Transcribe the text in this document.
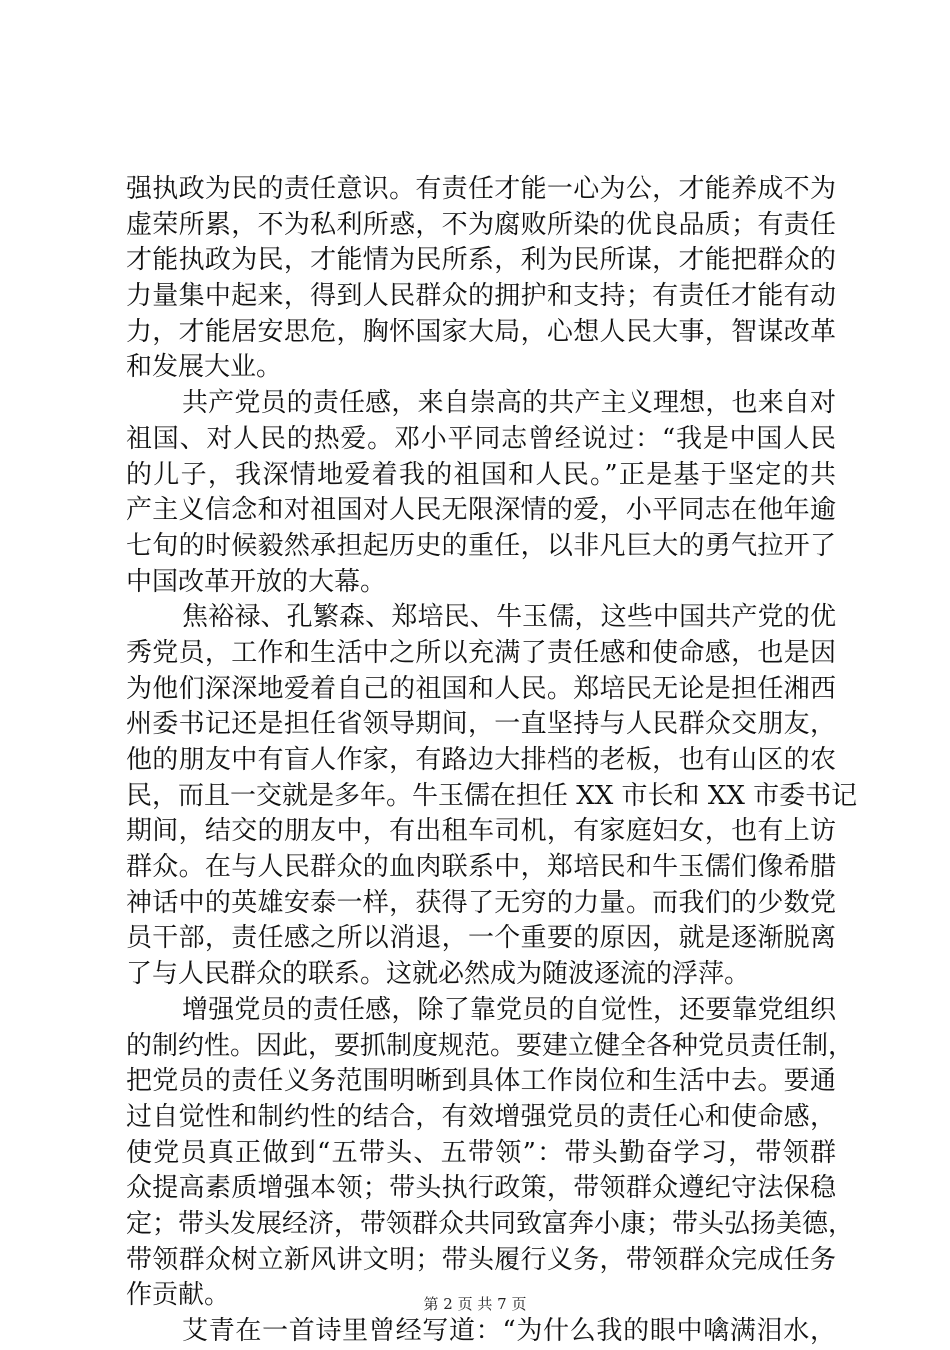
强执政为民的责任意识。有责任才能一心为公，才能养成不为
虚荣所累，不为私利所惑，不为腐败所染的优良品质；有责任
才能执政为民，才能情为民所系，利为民所谋，才能把群众的
力量集中起来，得到人民群众的拥护和支持；有责任才能有动
力，才能居安思危，胸怀国家大局，心想人民大事，智谋改革
和发展大业。
共产党员的责任感，来自崇高的共产主义理想，也来自对
祖国、对人民的热爱。邓小平同志曾经说过：“我是中国人民
的儿子，我深情地爱着我的祖国和人民。”正是基于坚定的共
产主义信念和对祖国对人民无限深情的爱，小平同志在他年逾
七旬的时候毅然承担起历史的重任，以非凡巨大的勇气拉开了
中国改革开放的大幕。
焦裕禄、孔繁森、郑培民、牛玉儒，这些中国共产党的优
秀党员，工作和生活中之所以充满了责任感和使命感，也是因
为他们深深地爱着自己的祖国和人民。郑培民无论是担任湘西
州委书记还是担任省领导期间，一直坚持与人民群众交朋友，
他的朋友中有盲人作家，有路边大排档的老板，也有山区的农
民，而且一交就是多年。牛玉儒在担任 XX 市长和 XX 市委书记
期间，结交的朋友中，有出租车司机，有家庭妇女，也有上访
群众。在与人民群众的血肉联系中，郑培民和牛玉儒们像希腊
神话中的英雄安泰一样，获得了无穷的力量。而我们的少数党
员干部，责任感之所以消退，一个重要的原因，就是逐渐脱离
了与人民群众的联系。这就必然成为随波逐流的浮萍。
增强党员的责任感，除了靠党员的自觉性，还要靠党组织
的制约性。因此，要抓制度规范。要建立健全各种党员责任制，
把党员的责任义务范围明晰到具体工作岗位和生活中去。要通
过自觉性和制约性的结合，有效增强党员的责任心和使命感，
使党员真正做到“五带头、五带领”：带头勤奋学习，带领群
众提高素质增强本领；带头执行政策，带领群众遵纪守法保稳
定；带头发展经济，带领群众共同致富奔小康；带头弘扬美德，
带领群众树立新风讲文明；带头履行义务，带领群众完成任务
作贡献。
艾青在一首诗里曾经写道：“为什么我的眼中噙满泪水，
第 2 页 共 7 页
